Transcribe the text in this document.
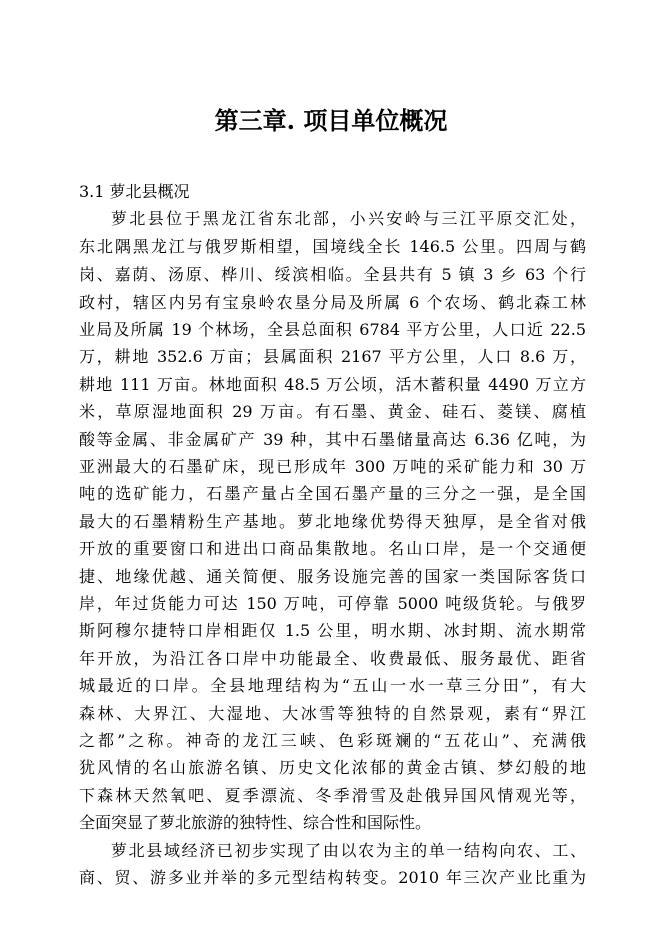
第三章. 项目单位概况
3.1 萝北县概况
萝北县位于黑龙江省东北部，小兴安岭与三江平原交汇处，
东北隅黑龙江与俄罗斯相望，国境线全长 146.5 公里。四周与鹤
岗、嘉荫、汤原、桦川、绥滨相临。全县共有 5 镇 3 乡 63 个行
政村，辖区内另有宝泉岭农垦分局及所属 6 个农场、鹤北森工林
业局及所属 19 个林场，全县总面积 6784 平方公里，人口近 22.5
万，耕地 352.6 万亩；县属面积 2167 平方公里，人口 8.6 万，
耕地 111 万亩。林地面积 48.5 万公顷，活木蓄积量 4490 万立方
米，草原湿地面积 29 万亩。有石墨、黄金、硅石、菱镁、腐植
酸等金属、非金属矿产 39 种，其中石墨储量高达 6.36 亿吨，为
亚洲最大的石墨矿床，现已形成年 300 万吨的采矿能力和 30 万
吨的选矿能力，石墨产量占全国石墨产量的三分之一强，是全国
最大的石墨精粉生产基地。萝北地缘优势得天独厚，是全省对俄
开放的重要窗口和进出口商品集散地。名山口岸，是一个交通便
捷、地缘优越、通关简便、服务设施完善的国家一类国际客货口
岸，年过货能力可达 150 万吨，可停靠 5000 吨级货轮。与俄罗
斯阿穆尔捷特口岸相距仅 1.5 公里，明水期、冰封期、流水期常
年开放，为沿江各口岸中功能最全、收费最低、服务最优、距省
城最近的口岸。全县地理结构为“五山一水一草三分田”，有大
森林、大界江、大湿地、大冰雪等独特的自然景观，素有“界江
之都”之称。神奇的龙江三峡、色彩斑斓的“五花山”、充满俄
犹风情的名山旅游名镇、历史文化浓郁的黄金古镇、梦幻般的地
下森林天然氧吧、夏季漂流、冬季滑雪及赴俄异国风情观光等，
全面突显了萝北旅游的独特性、综合性和国际性。
萝北县域经济已初步实现了由以农为主的单一结构向农、工、
商、贸、游多业并举的多元型结构转变。2010 年三次产业比重为
